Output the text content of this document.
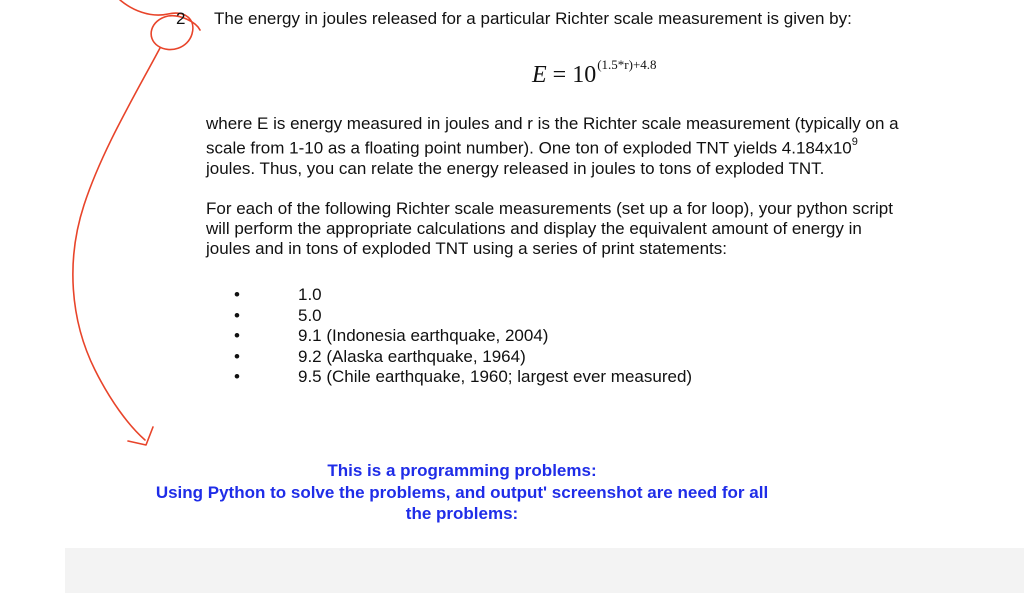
2 The energy in joules released for a particular Richter scale measurement is given by:
$E = 10^{(1.5*r)+4.8}$
where E is energy measured in joules and r is the Richter scale measurement (typically on a
scale from 1-10 as a floating point number). One ton of exploded TNT yields $4.184x10^9$
joules. Thus, you can relate the energy released in joules to tons of exploded TNT.
For each of the following Richter scale measurements (set up a for loop), your python script
will perform the appropriate calculations and display the equivalent amount of energy in
joules and in tons of exploded TNT using a series of print statements:
•	1.0
•	5.0
•	9.1 (Indonesia earthquake, 2004)
•	9.2 (Alaska earthquake, 1964)
•	9.5 (Chile earthquake, 1960; largest ever measured)
This is a programming problems:
Using Python to solve the problems, and output' screenshot are need for all
the problems:
